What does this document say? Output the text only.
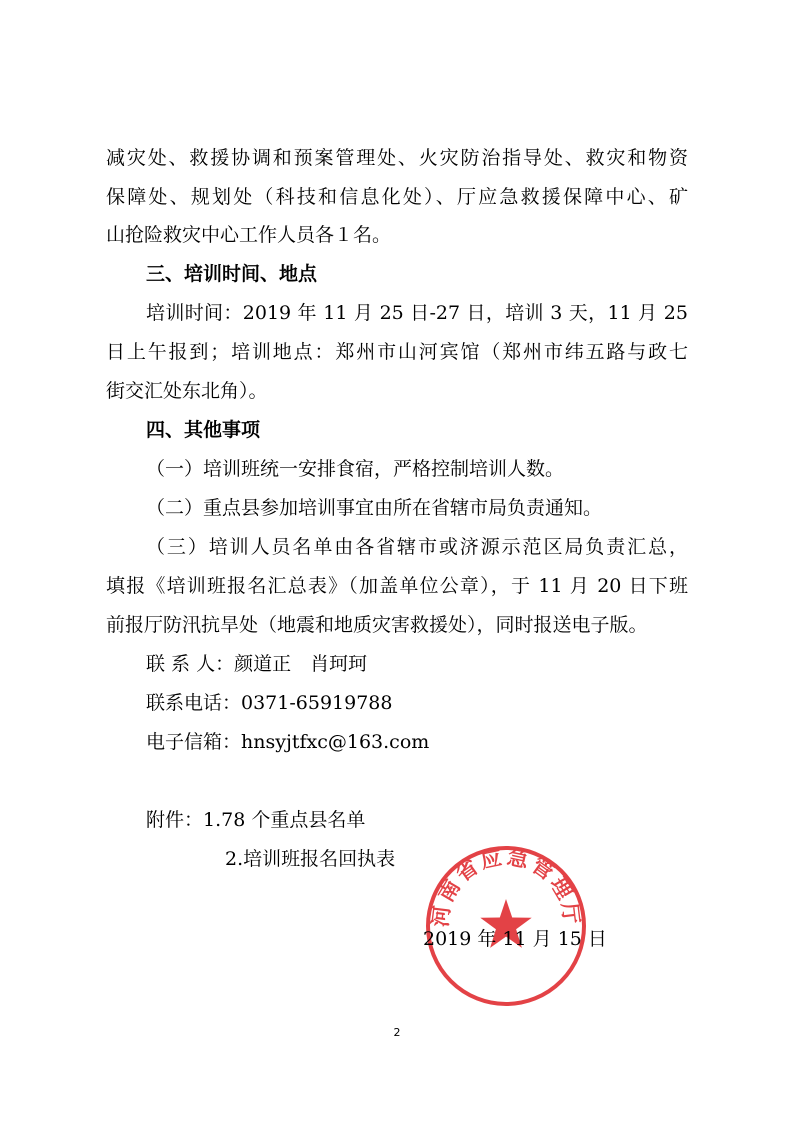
减灾处、救援协调和预案管理处、火灾防治指导处、救灾和物资
保障处、规划处（科技和信息化处）、厅应急救援保障中心、矿
山抢险救灾中心工作人员各１名。
三、培训时间、地点
培训时间：2019 年 11 月 25 日-27 日，培训 3 天，11 月 25
日上午报到；培训地点：郑州市山河宾馆（郑州市纬五路与政七
街交汇处东北角）。
四、其他事项
（一）培训班统一安排食宿，严格控制培训人数。
（二）重点县参加培训事宜由所在省辖市局负责通知。
（三）培训人员名单由各省辖市或济源示范区局负责汇总，
填报《培训班报名汇总表》（加盖单位公章），于 11 月 20 日下班
前报厅防汛抗旱处（地震和地质灾害救援处），同时报送电子版。
联 系 人：颜道正　肖珂珂
联系电话：0371-65919788
电子信箱：hnsyjtfxc@163.com
附件：1.78 个重点县名单
2.培训班报名回执表
河南省应急管理厅
2019 年 11 月 15 日
2
